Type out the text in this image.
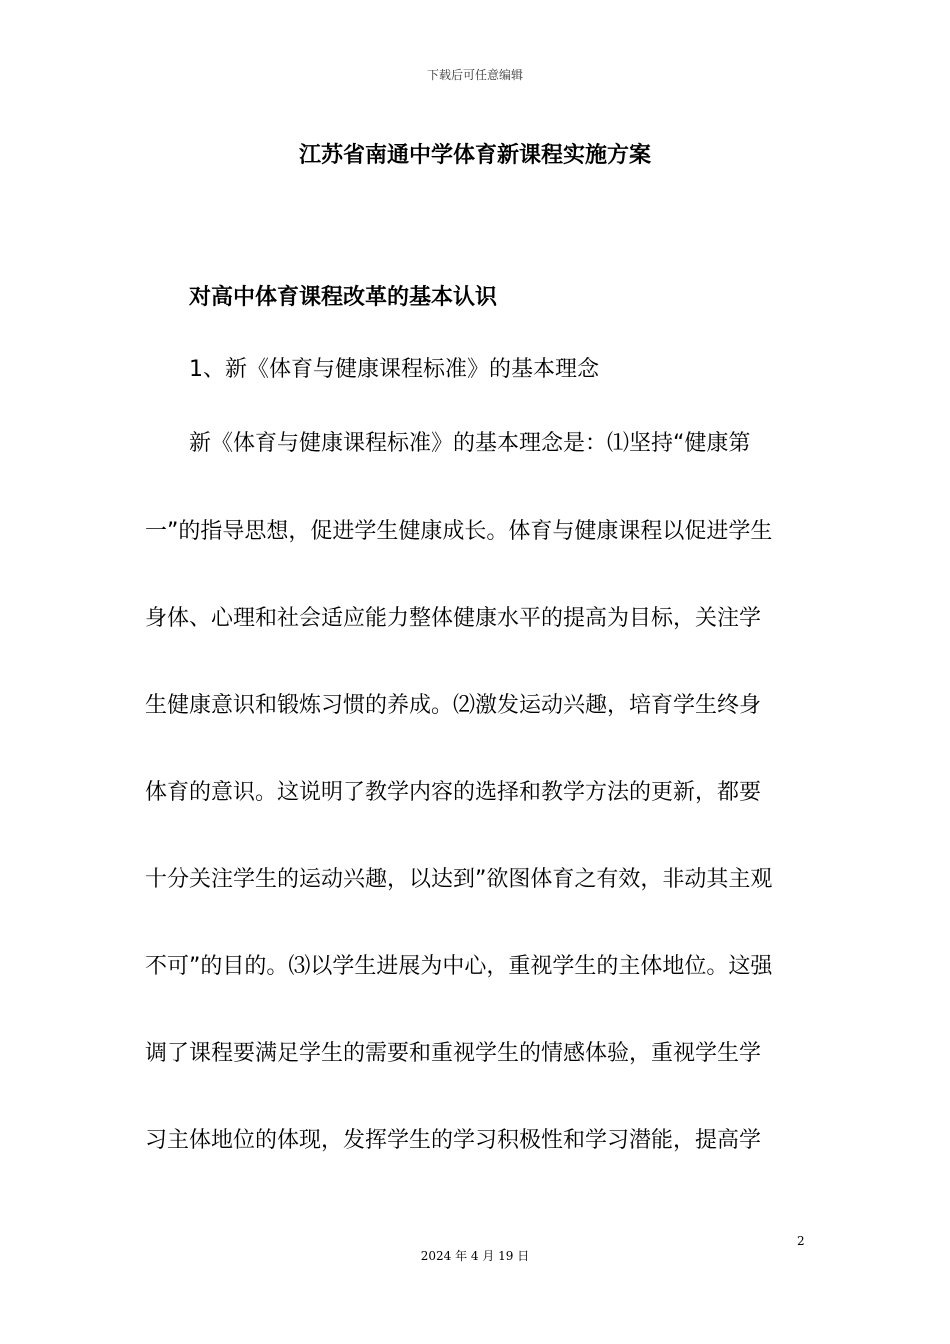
下载后可任意编辑
江苏省南通中学体育新课程实施方案
对高中体育课程改革的基本认识
1、新《体育与健康课程标准》的基本理念
新《体育与健康课程标准》的基本理念是：⑴坚持“健康第
一”的指导思想，促进学生健康成长。体育与健康课程以促进学生
身体、心理和社会适应能力整体健康水平的提高为目标，关注学
生健康意识和锻炼习惯的养成。⑵激发运动兴趣，培育学生终身
体育的意识。这说明了教学内容的选择和教学方法的更新，都要
十分关注学生的运动兴趣，以达到”欲图体育之有效，非动其主观
不可”的目的。⑶以学生进展为中心，重视学生的主体地位。这强
调了课程要满足学生的需要和重视学生的情感体验，重视学生学
习主体地位的体现，发挥学生的学习积极性和学习潜能，提高学
2
2024 年 4 月 19 日
